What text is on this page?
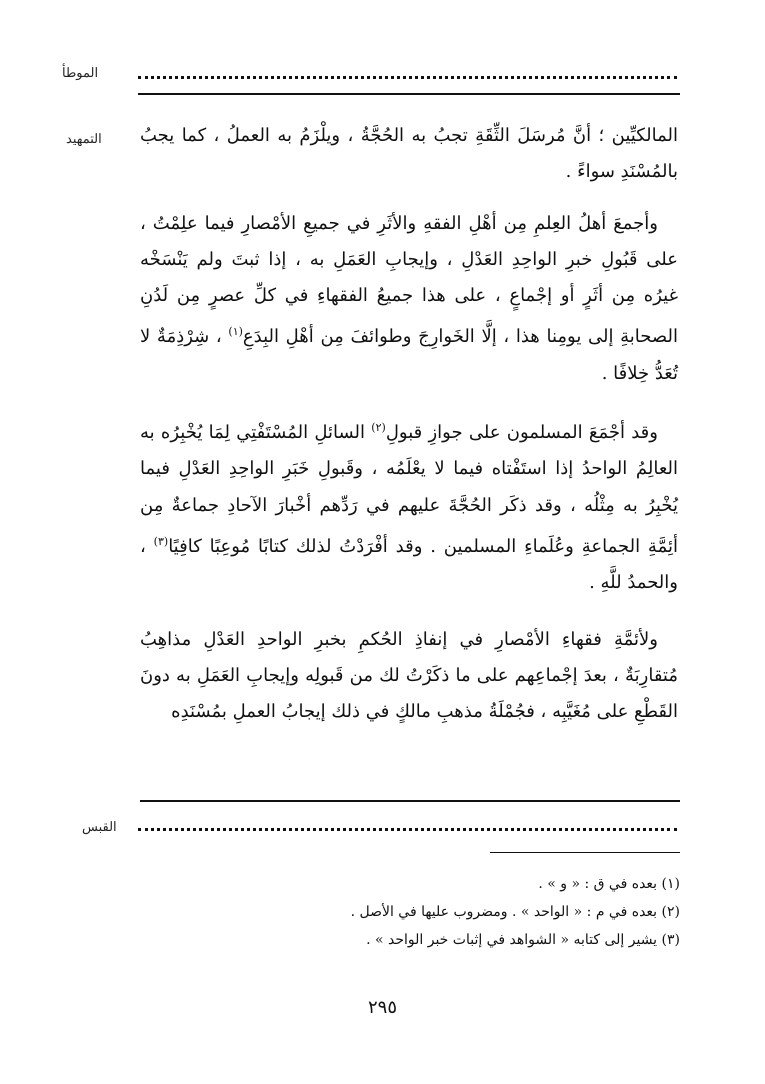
الموطأ
التمهيد المالكيِّين ؛ أنَّ مُرسَلَ الثِّقَةِ تجبُ به الحُجَّةُ ، ويلْزَمُ به العملُ ، كما يجبُ بالمُسْنَدِ سواءً .

وأجمعَ أهلُ العِلمِ مِن أهْلِ الفقهِ والأثَرِ في جميعِ الأمْصارِ فيما علِمْتُ ، على قَبُولِ خبرِ الواحِدِ العَدْلِ ، وإيجابِ العَمَلِ به ، إذا ثبتَ ولم يَنْسَخْه غيرُه مِن أثَرٍ أو إجْماعٍ ، على هذا جميعُ الفقهاءِ في كلِّ عصرٍ مِن لَدُنِ الصحابةِ إلى يومِنا هذا ، إلَّا الخَوارِجَ وطوائفَ مِن أهْلِ البِدَعِ$^{(١)}$ ، شِرْذِمَةٌ لا تُعَدُّ خِلافًا .

وقد أجْمَعَ المسلمون على جوازِ قبولِ$^{(٢)}$ السائلِ المُسْتَفْتِي لِمَا يُخْبِرُه به العالِمُ الواحدُ إذا استَفْتاه فيما لا يعْلَمُه ، وقَبولِ خَبَرِ الواحِدِ العَدْلِ فيما يُخْبِرُ به مِثْلُه ، وقد ذكَر الحُجَّةَ عليهم في رَدِّهم أخْبارَ الآحادِ جماعةٌ مِن أئِمَّةِ الجماعةِ وعُلَماءِ المسلمين . وقد أفْرَدْتُ لذلك كتابًا مُوعِبًا كافِيًا$^{(٣)}$ ، والحمدُ للَّهِ .

ولأئمَّةِ فقهاءِ الأمْصارِ في إنفاذِ الحُكمِ بخبرِ الواحدِ العَدْلِ مذاهِبُ مُتقارِبَةٌ ، بعدَ إجْماعِهم على ما ذكَرْتُ لك من قَبولِه وإيجابِ العَمَلِ به دونَ القَطْعِ على مُغَيَّبِه ، فجُمْلَةُ مذهبِ مالكٍ في ذلك إيجابُ العملِ بمُسْنَدِه

القبس
(١) بعده في ق : « و » .
(٢) بعده في م : « الواحد » . ومضروب عليها في الأصل .
(٣) يشير إلى كتابه « الشواهد في إثبات خبر الواحد » .
٢٩٥
